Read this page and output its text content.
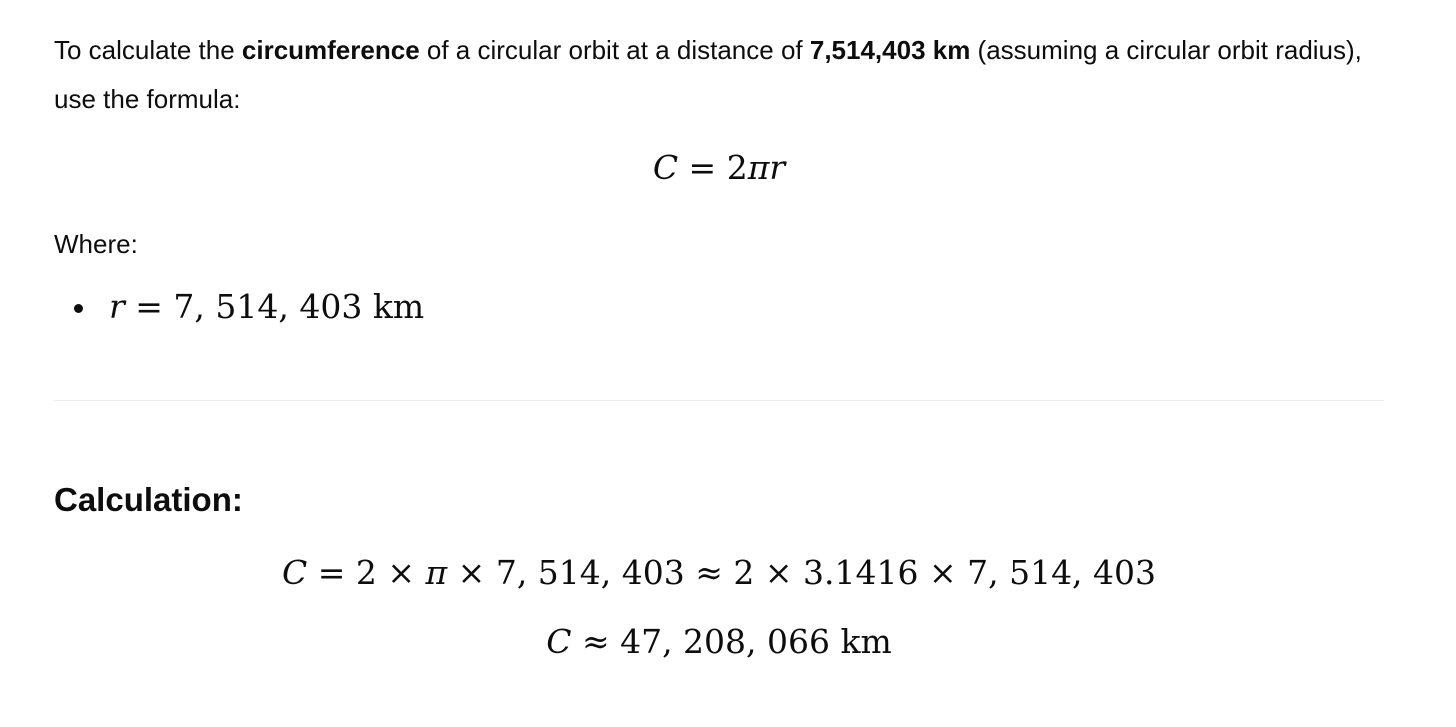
To calculate the circumference of a circular orbit at a distance of 7,514,403 km (assuming a circular orbit radius), use the formula:

C = 2πr

Where:

r = 7, 514, 403 km
Calculation:
C = 2 × π × 7, 514, 403 ≈ 2 × 3.1416 × 7, 514, 403
C ≈ 47, 208, 066 km
